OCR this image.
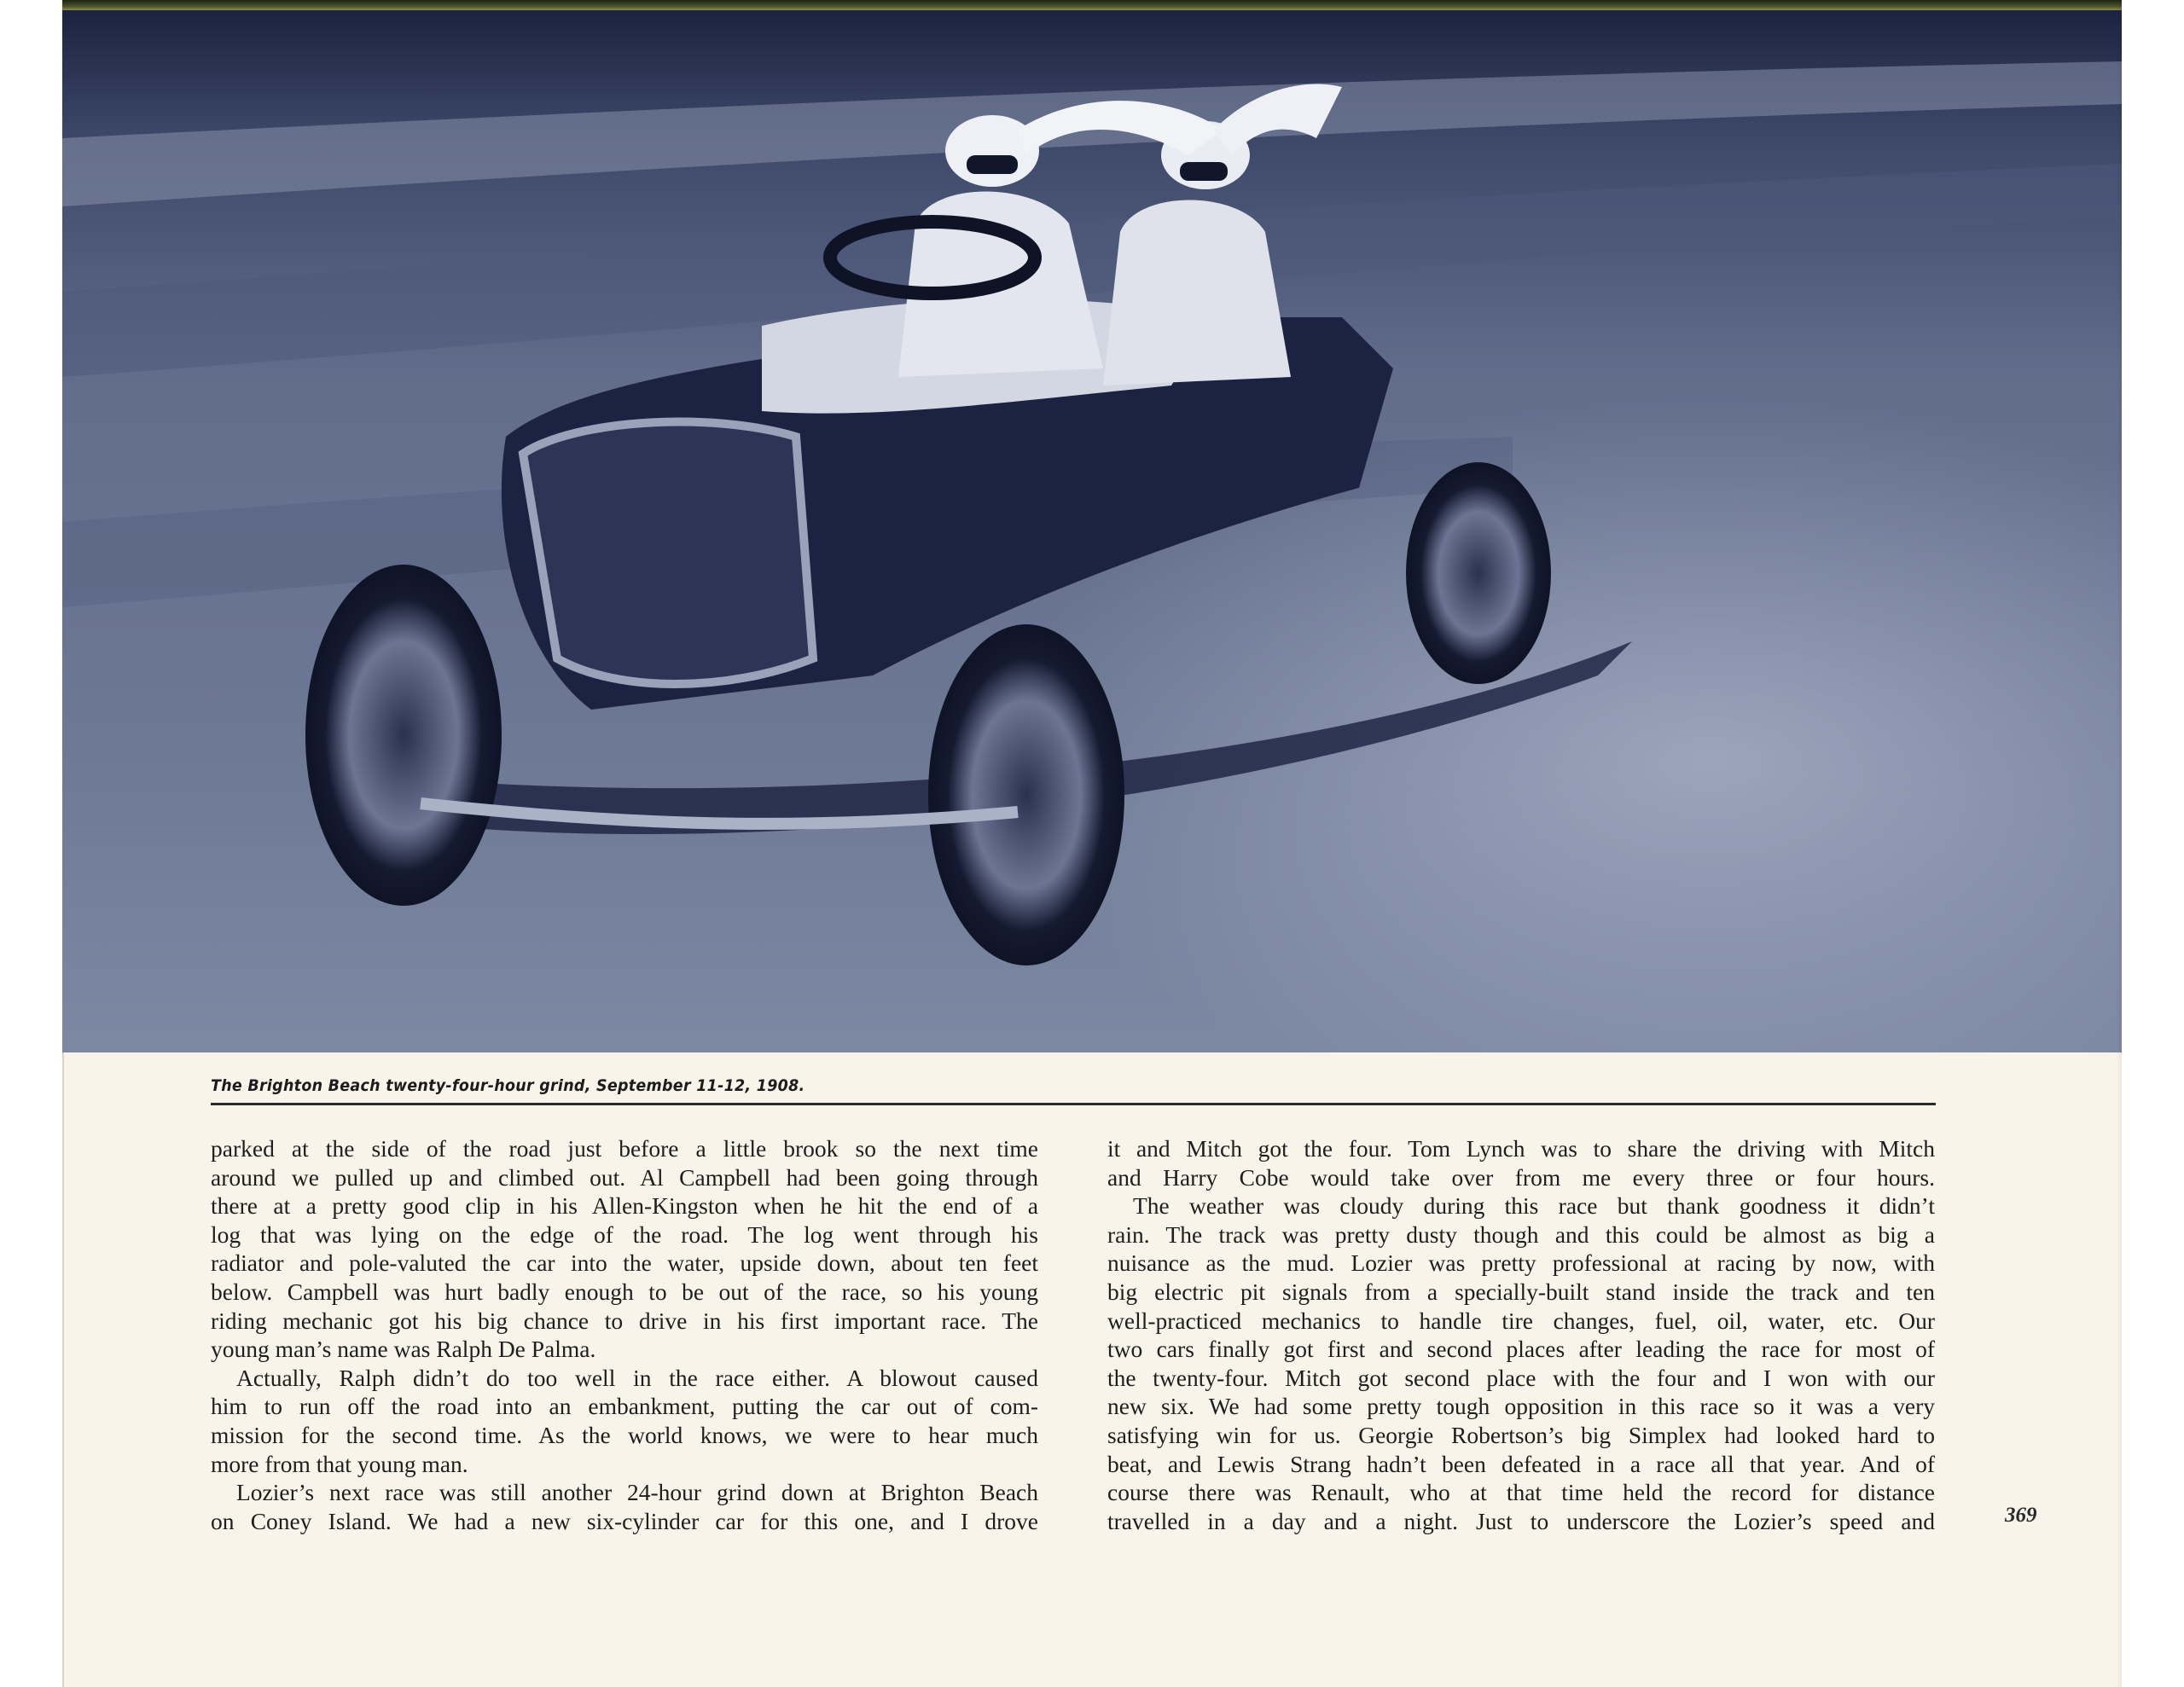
The Brighton Beach twenty-four-hour grind, September 11-12, 1908.
parked at the side of the road just before a little brook so the next time
around we pulled up and climbed out. Al Campbell had been going through
there at a pretty good clip in his Allen-Kingston when he hit the end of a
log that was lying on the edge of the road. The log went through his
radiator and pole-valuted the car into the water, upside down, about ten feet
below. Campbell was hurt badly enough to be out of the race, so his young
riding mechanic got his big chance to drive in his first important race. The
young man’s name was Ralph De Palma.
Actually, Ralph didn’t do too well in the race either. A blowout caused
him to run off the road into an embankment, putting the car out of com-
mission for the second time. As the world knows, we were to hear much
more from that young man.
Lozier’s next race was still another 24-hour grind down at Brighton Beach
on Coney Island. We had a new six-cylinder car for this one, and I drove
it and Mitch got the four. Tom Lynch was to share the driving with Mitch
and Harry Cobe would take over from me every three or four hours.
The weather was cloudy during this race but thank goodness it didn’t
rain. The track was pretty dusty though and this could be almost as big a
nuisance as the mud. Lozier was pretty professional at racing by now, with
big electric pit signals from a specially-built stand inside the track and ten
well-practiced mechanics to handle tire changes, fuel, oil, water, etc. Our
two cars finally got first and second places after leading the race for most of
the twenty-four. Mitch got second place with the four and I won with our
new six. We had some pretty tough opposition in this race so it was a very
satisfying win for us. Georgie Robertson’s big Simplex had looked hard to
beat, and Lewis Strang hadn’t been defeated in a race all that year. And of
course there was Renault, who at that time held the record for distance
travelled in a day and a night. Just to underscore the Lozier’s speed and	369
